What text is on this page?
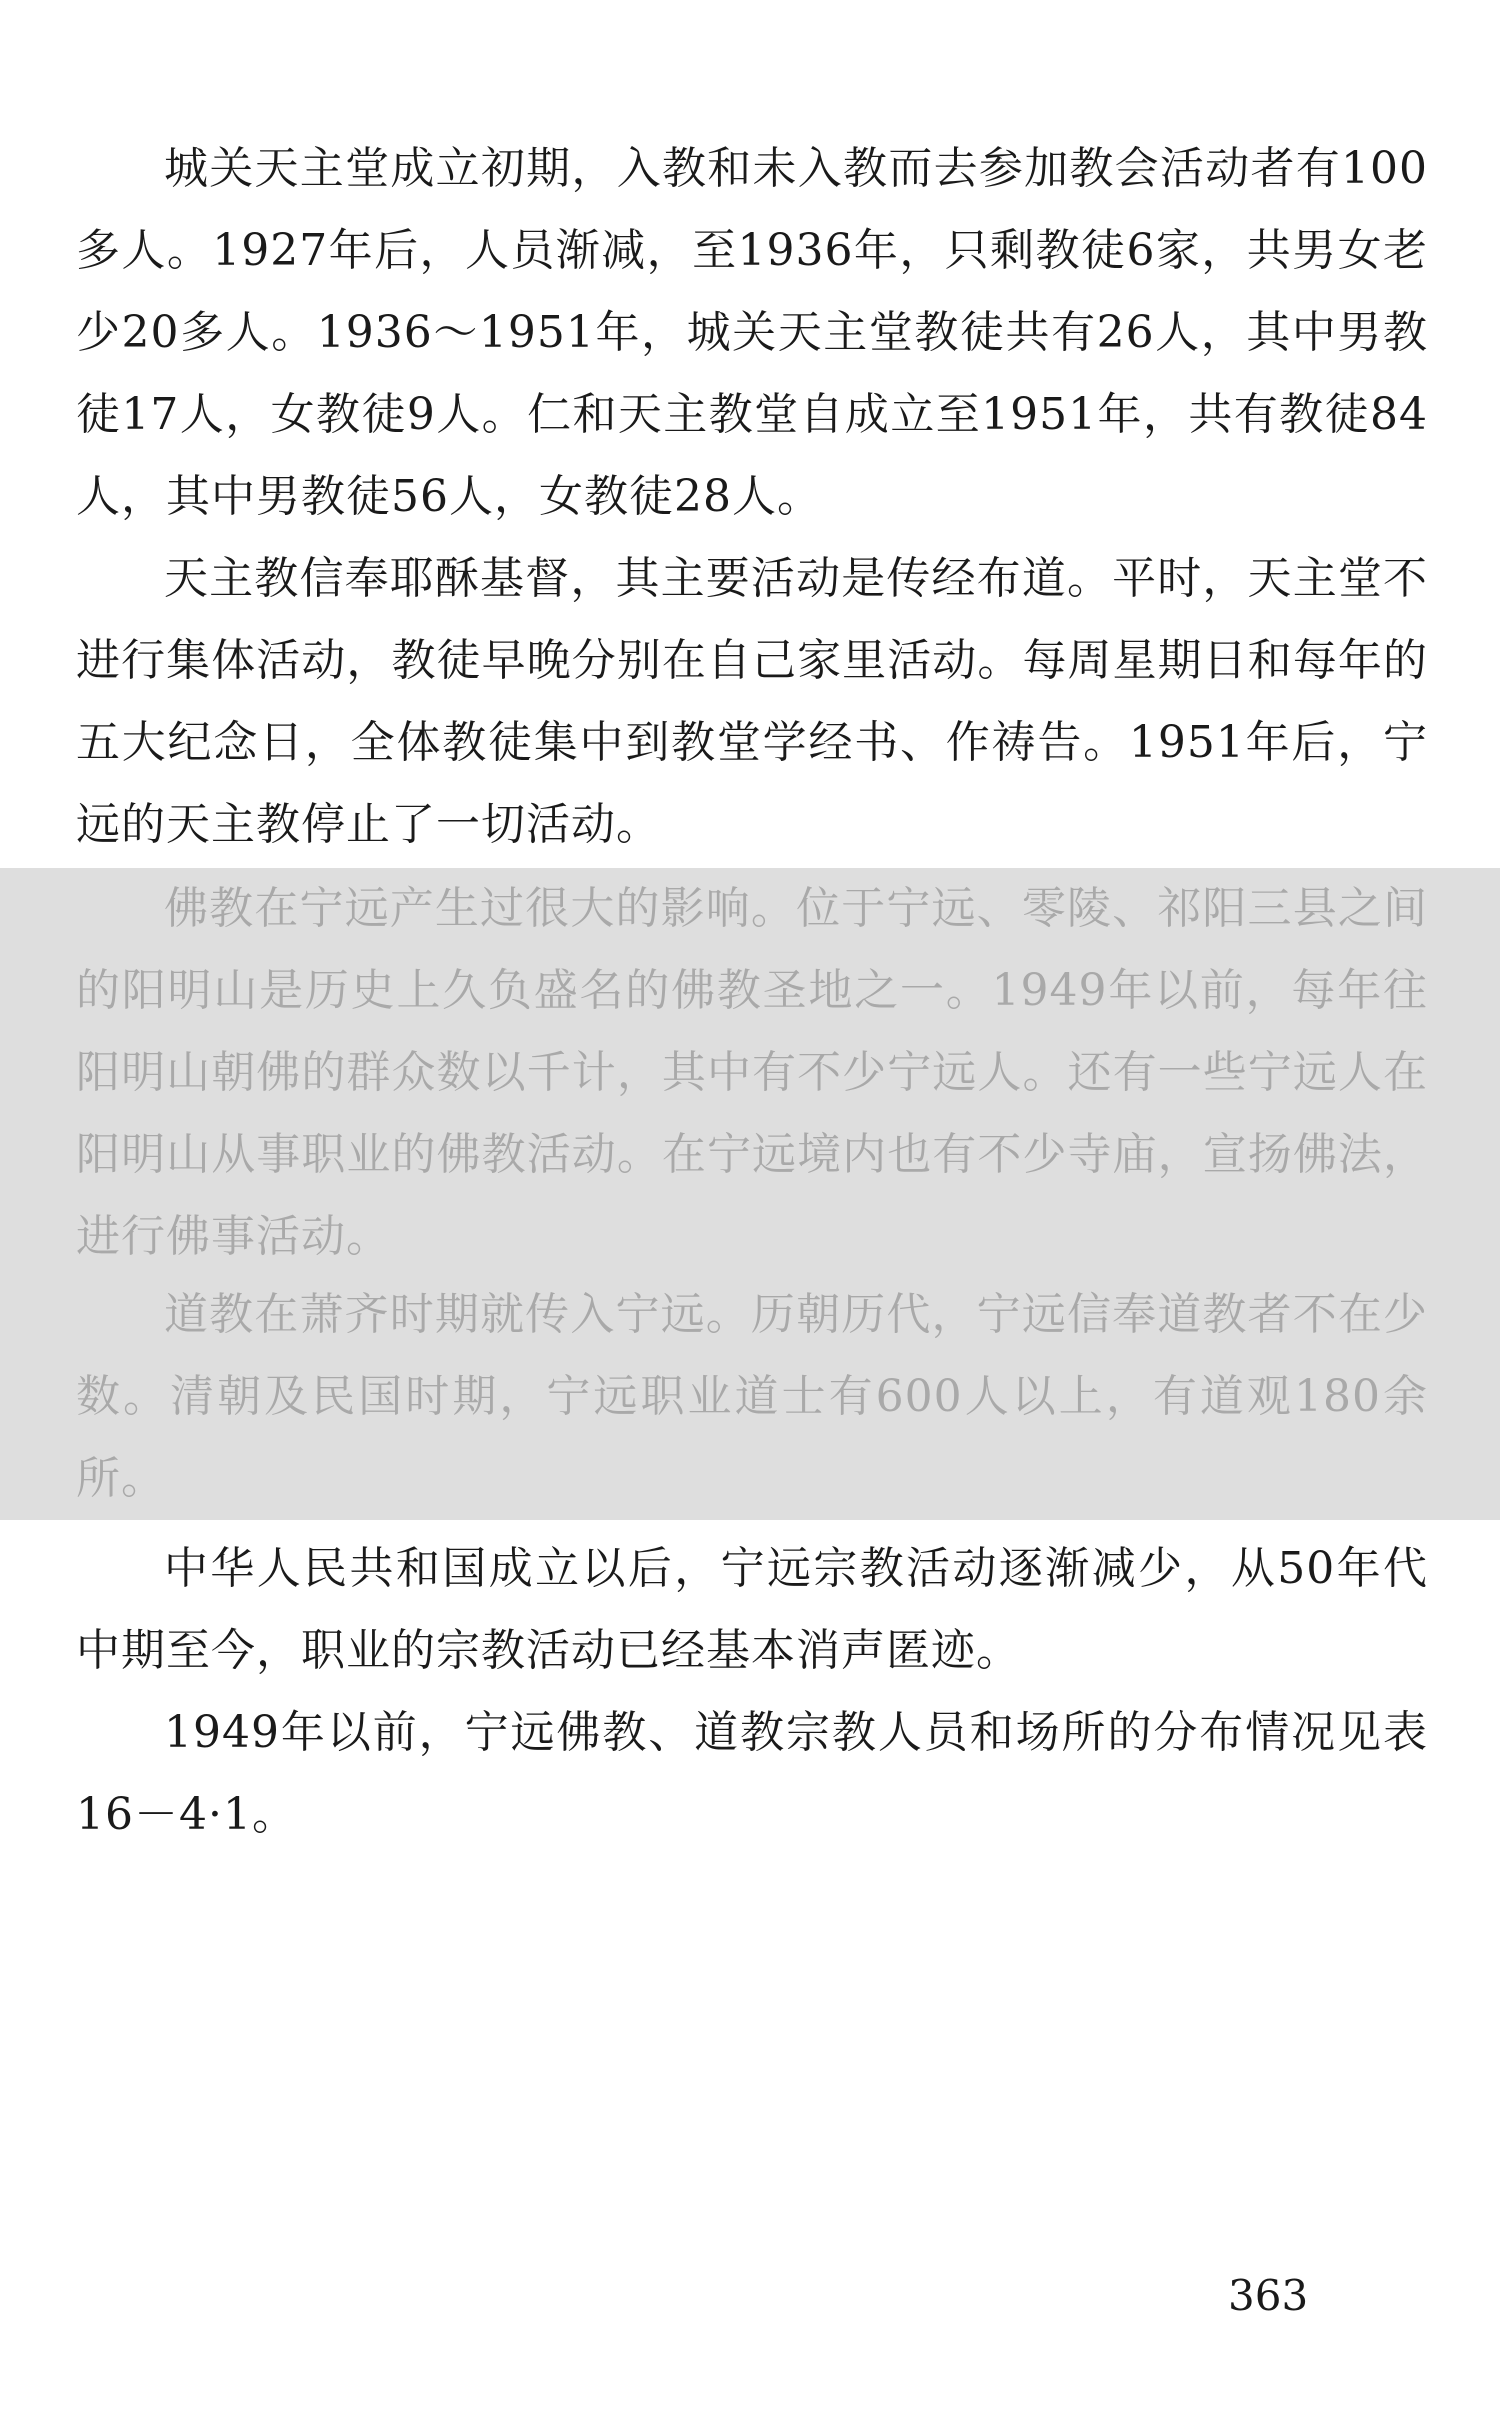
城关天主堂成立初期，入教和未入教而去参加教会活动者有100多人。1927年后，人员渐减，至1936年，只剩教徒6家，共男女老少20多人。1936～1951年，城关天主堂教徒共有26人，其中男教徒17人，女教徒9人。仁和天主教堂自成立至1951年，共有教徒84人，其中男教徒56人，女教徒28人。

天主教信奉耶酥基督，其主要活动是传经布道。平时，天主堂不进行集体活动，教徒早晚分别在自己家里活动。每周星期日和每年的五大纪念日，全体教徒集中到教堂学经书、作祷告。1951年后，宁远的天主教停止了一切活动。

佛教在宁远产生过很大的影响。位于宁远、零陵、祁阳三县之间的阳明山是历史上久负盛名的佛教圣地之一。1949年以前，每年往阳明山朝佛的群众数以千计，其中有不少宁远人。还有一些宁远人在阳明山从事职业的佛教活动。在宁远境内也有不少寺庙，宣扬佛法，进行佛事活动。

道教在萧齐时期就传入宁远。历朝历代，宁远信奉道教者不在少数。清朝及民国时期，宁远职业道士有600人以上，有道观180余所。

中华人民共和国成立以后，宁远宗教活动逐渐减少，从50年代中期至今，职业的宗教活动已经基本消声匿迹。

1949年以前，宁远佛教、道教宗教人员和场所的分布情况见表16－4·1。

363
